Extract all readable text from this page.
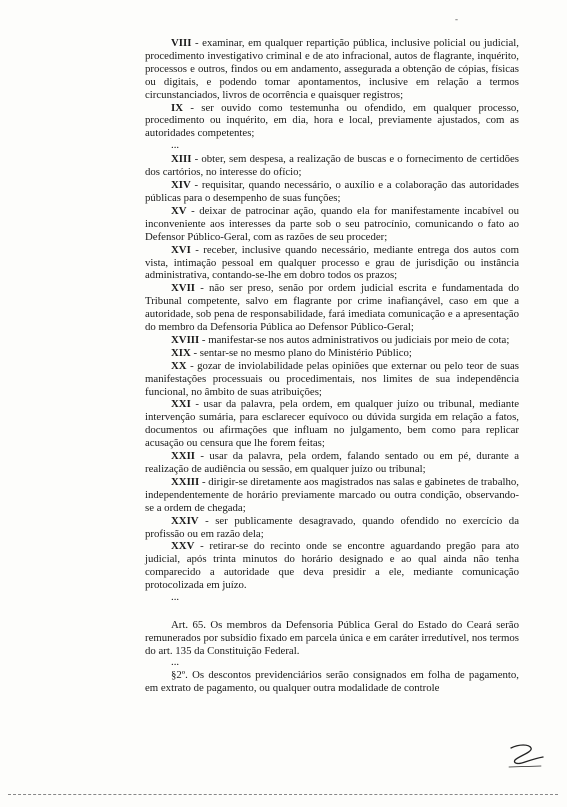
-

VIII - examinar, em qualquer repartição pública, inclusive policial ou judicial, procedimento investigativo criminal e de ato infracional, autos de flagrante, inquérito, processos e outros, findos ou em andamento, assegurada a obtenção de cópias, físicas ou digitais, e podendo tomar apontamentos, inclusive em relação a termos circunstanciados, livros de ocorrência e quaisquer registros;

IX - ser ouvido como testemunha ou ofendido, em qualquer processo, procedimento ou inquérito, em dia, hora e local, previamente ajustados, com as autoridades competentes;

...

XIII - obter, sem despesa, a realização de buscas e o fornecimento de certidões dos cartórios, no interesse do ofício;

XIV - requisitar, quando necessário, o auxílio e a colaboração das autoridades públicas para o desempenho de suas funções;

XV - deixar de patrocinar ação, quando ela for manifestamente incabível ou inconveniente aos interesses da parte sob o seu patrocínio, comunicando o fato ao Defensor Público-Geral, com as razões de seu proceder;

XVI - receber, inclusive quando necessário, mediante entrega dos autos com vista, intimação pessoal em qualquer processo e grau de jurisdição ou instância administrativa, contando-se-lhe em dobro todos os prazos;

XVII - não ser preso, senão por ordem judicial escrita e fundamentada do Tribunal competente, salvo em flagrante por crime inafiançável, caso em que a autoridade, sob pena de responsabilidade, fará imediata comunicação e a apresentação do membro da Defensoria Pública ao Defensor Público-Geral;

XVIII - manifestar-se nos autos administrativos ou judiciais por meio de cota;

XIX - sentar-se no mesmo plano do Ministério Público;

XX - gozar de inviolabilidade pelas opiniões que externar ou pelo teor de suas manifestações processuais ou procedimentais, nos limites de sua independência funcional, no âmbito de suas atribuições;

XXI - usar da palavra, pela ordem, em qualquer juízo ou tribunal, mediante intervenção sumária, para esclarecer equívoco ou dúvida surgida em relação a fatos, documentos ou afirmações que influam no julgamento, bem como para replicar acusação ou censura que lhe forem feitas;

XXII - usar da palavra, pela ordem, falando sentado ou em pé, durante a realização de audiência ou sessão, em qualquer juízo ou tribunal;

XXIII - dirigir-se diretamente aos magistrados nas salas e gabinetes de trabalho, independentemente de horário previamente marcado ou outra condição, observando-se a ordem de chegada;

XXIV - ser publicamente desagravado, quando ofendido no exercício da profissão ou em razão dela;

XXV - retirar-se do recinto onde se encontre aguardando pregão para ato judicial, após trinta minutos do horário designado e ao qual ainda não tenha comparecido a autoridade que deva presidir a ele, mediante comunicação protocolizada em juízo.

...

Art. 65. Os membros da Defensoria Pública Geral do Estado do Ceará serão remunerados por subsídio fixado em parcela única e em caráter irredutível, nos termos do art. 135 da Constituição Federal.

...

§2º. Os descontos previdenciários serão consignados em folha de pagamento, em extrato de pagamento, ou qualquer outra modalidade de controle
